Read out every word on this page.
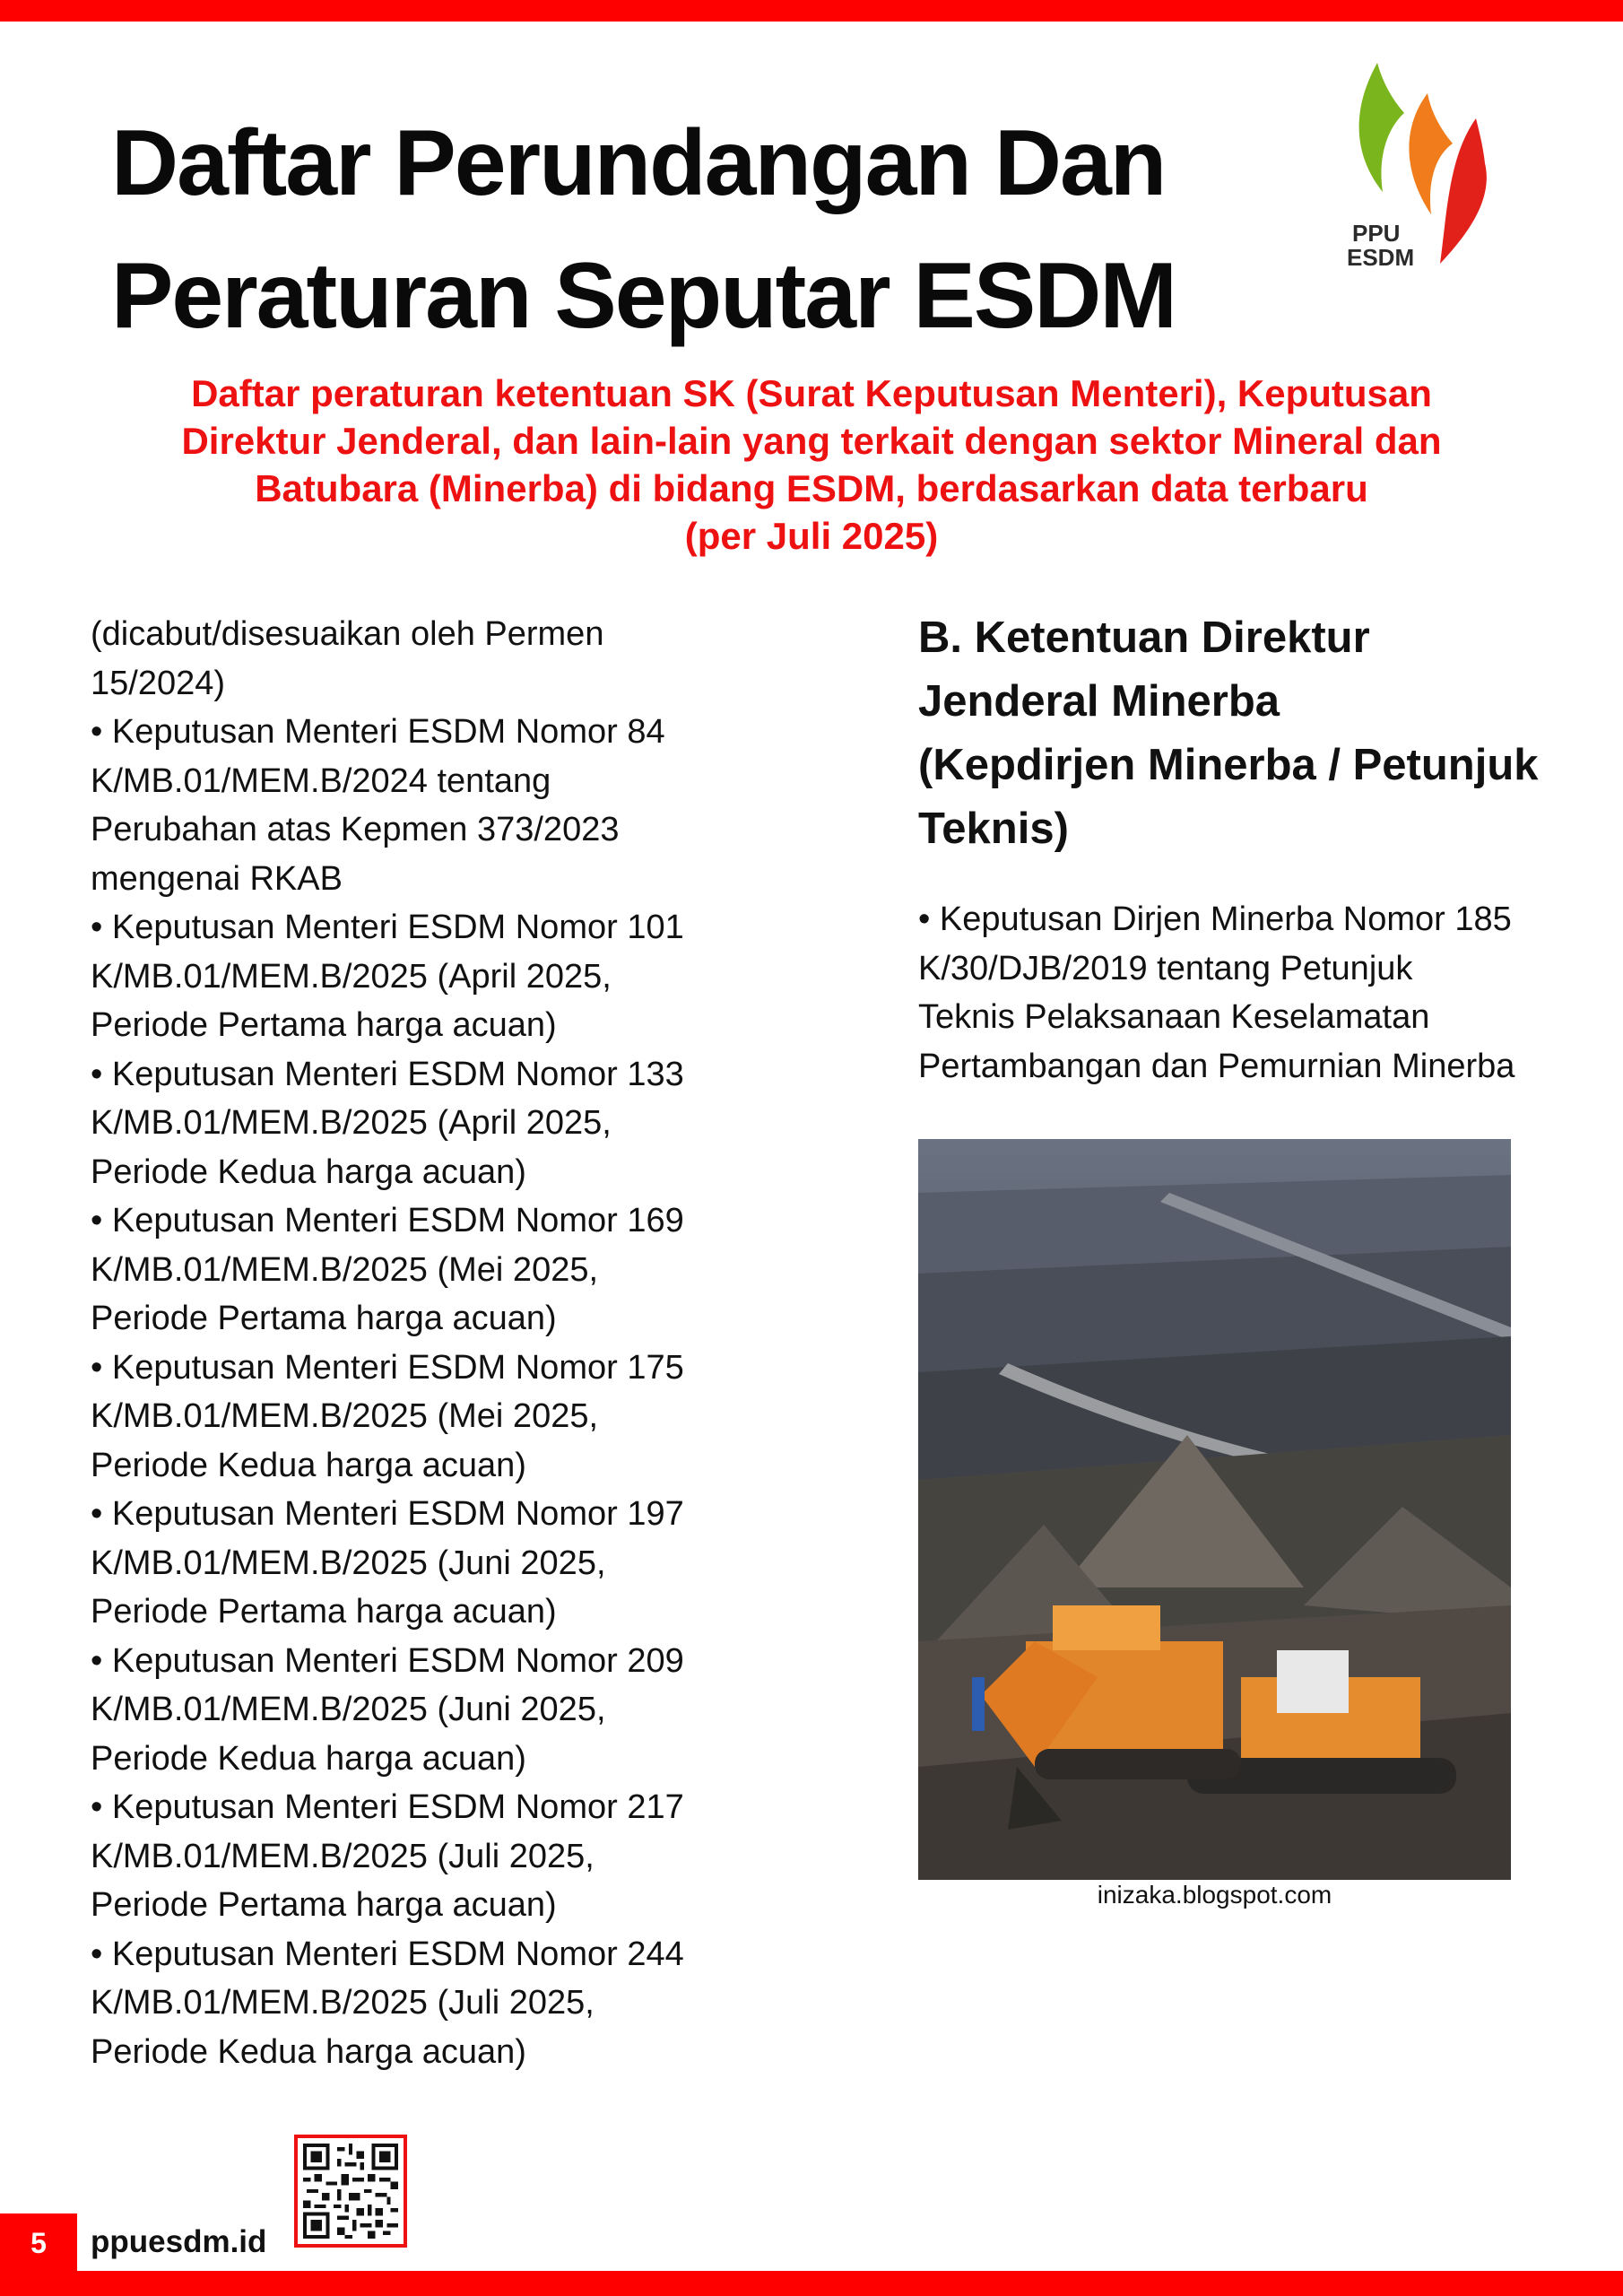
Daftar Perundangan Dan
Peraturan Seputar ESDM
PPU
ESDM
Daftar peraturan ketentuan SK (Surat Keputusan Menteri), Keputusan
Direktur Jenderal, dan lain-lain yang terkait dengan sektor Mineral dan
Batubara (Minerba) di bidang ESDM, berdasarkan data terbaru
(per Juli 2025)
(dicabut/disesuaikan oleh Permen
15/2024)
• Keputusan Menteri ESDM Nomor 84
K/MB.01/MEM.B/2024 tentang
Perubahan atas Kepmen 373/2023
mengenai RKAB
• Keputusan Menteri ESDM Nomor 101
K/MB.01/MEM.B/2025 (April 2025,
Periode Pertama harga acuan)
• Keputusan Menteri ESDM Nomor 133
K/MB.01/MEM.B/2025 (April 2025,
Periode Kedua harga acuan)
• Keputusan Menteri ESDM Nomor 169
K/MB.01/MEM.B/2025 (Mei 2025,
Periode Pertama harga acuan)
• Keputusan Menteri ESDM Nomor 175
K/MB.01/MEM.B/2025 (Mei 2025,
Periode Kedua harga acuan)
• Keputusan Menteri ESDM Nomor 197
K/MB.01/MEM.B/2025 (Juni 2025,
Periode Pertama harga acuan)
• Keputusan Menteri ESDM Nomor 209
K/MB.01/MEM.B/2025 (Juni 2025,
Periode Kedua harga acuan)
• Keputusan Menteri ESDM Nomor 217
K/MB.01/MEM.B/2025 (Juli 2025,
Periode Pertama harga acuan)
• Keputusan Menteri ESDM Nomor 244
K/MB.01/MEM.B/2025 (Juli 2025,
Periode Kedua harga acuan)
B. Ketentuan Direktur
Jenderal Minerba
(Kepdirjen Minerba / Petunjuk
Teknis)
• Keputusan Dirjen Minerba Nomor 185
K/30/DJB/2019 tentang Petunjuk
Teknis Pelaksanaan Keselamatan
Pertambangan dan Pemurnian Minerba
inizaka.blogspot.com
5	ppuesdm.id
